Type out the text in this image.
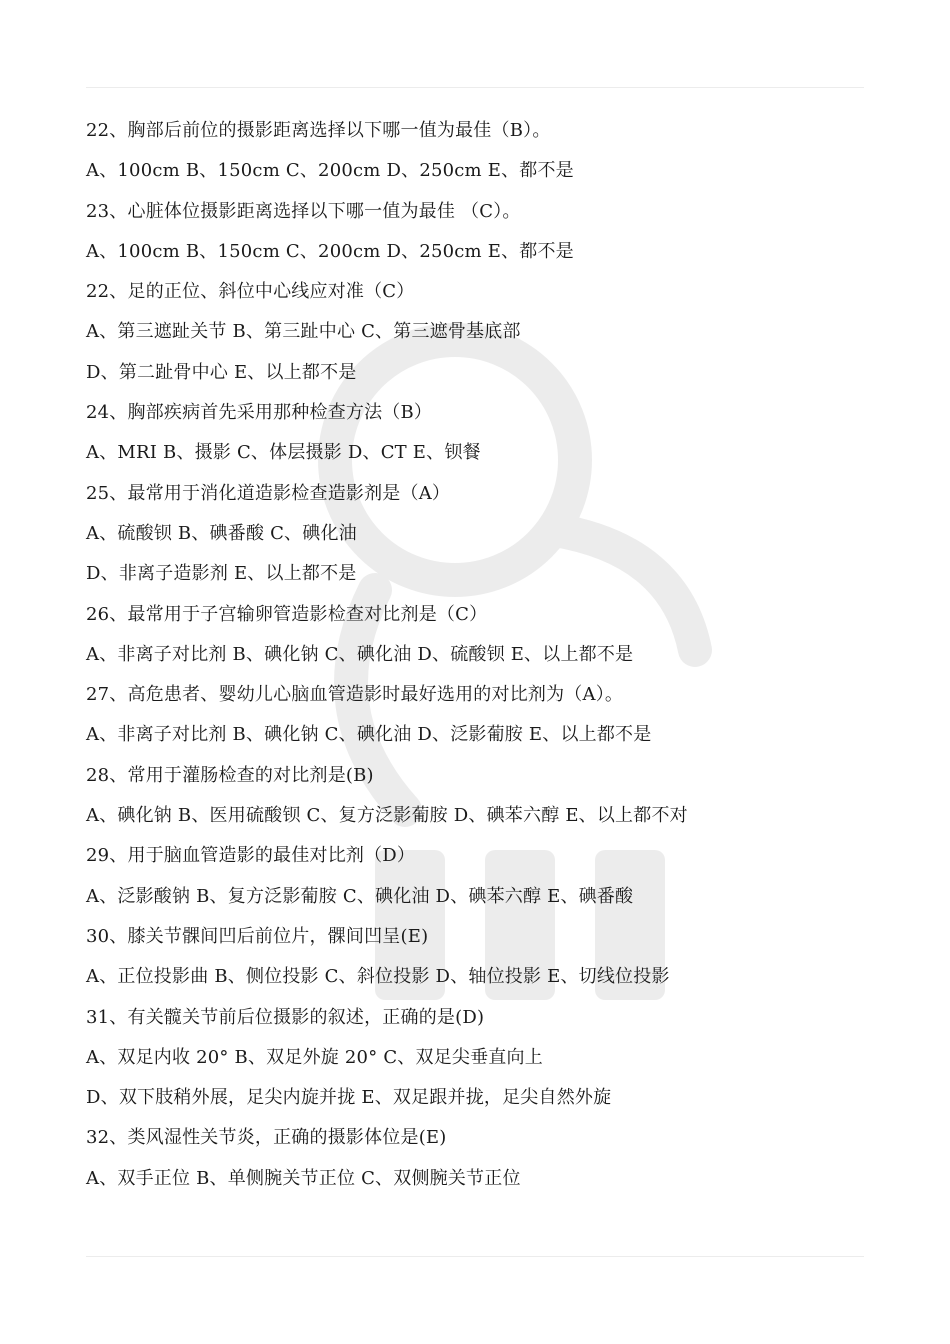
22、胸部后前位的摄影距离选择以下哪一值为最佳（B）。
A、100cm B、150cm C、200cm D、250cm E、都不是
23、心脏体位摄影距离选择以下哪一值为最佳 （C）。
A、100cm B、150cm C、200cm D、250cm E、都不是
22、足的正位、斜位中心线应对准（C）
A、第三遮趾关节 B、第三趾中心 C、第三遮骨基底部
D、第二趾骨中心 E、以上都不是
24、胸部疾病首先采用那种检查方法（B）
A、MRI B、摄影 C、体层摄影 D、CT E、钡餐
25、最常用于消化道造影检查造影剂是（A）
A、硫酸钡 B、碘番酸 C、碘化油
D、非离子造影剂 E、以上都不是
26、最常用于子宫输卵管造影检查对比剂是（C）
A、非离子对比剂 B、碘化钠 C、碘化油 D、硫酸钡 E、以上都不是
27、高危患者、婴幼儿心脑血管造影时最好选用的对比剂为（A）。
A、非离子对比剂 B、碘化钠 C、碘化油 D、泛影葡胺 E、以上都不是
28、常用于灌肠检查的对比剂是(B)
A、碘化钠 B、医用硫酸钡 C、复方泛影葡胺 D、碘苯六醇 E、以上都不对
29、用于脑血管造影的最佳对比剂（D）
A、泛影酸钠 B、复方泛影葡胺 C、碘化油 D、碘苯六醇 E、碘番酸
30、膝关节髁间凹后前位片，髁间凹呈(E)
A、正位投影曲 B、侧位投影 C、斜位投影 D、轴位投影 E、切线位投影
31、有关髋关节前后位摄影的叙述，正确的是(D)
A、双足内收 20° B、双足外旋 20° C、双足尖垂直向上
D、双下肢稍外展，足尖内旋并拢 E、双足跟并拢，足尖自然外旋
32、类风湿性关节炎，正确的摄影体位是(E)
A、双手正位 B、单侧腕关节正位 C、双侧腕关节正位
